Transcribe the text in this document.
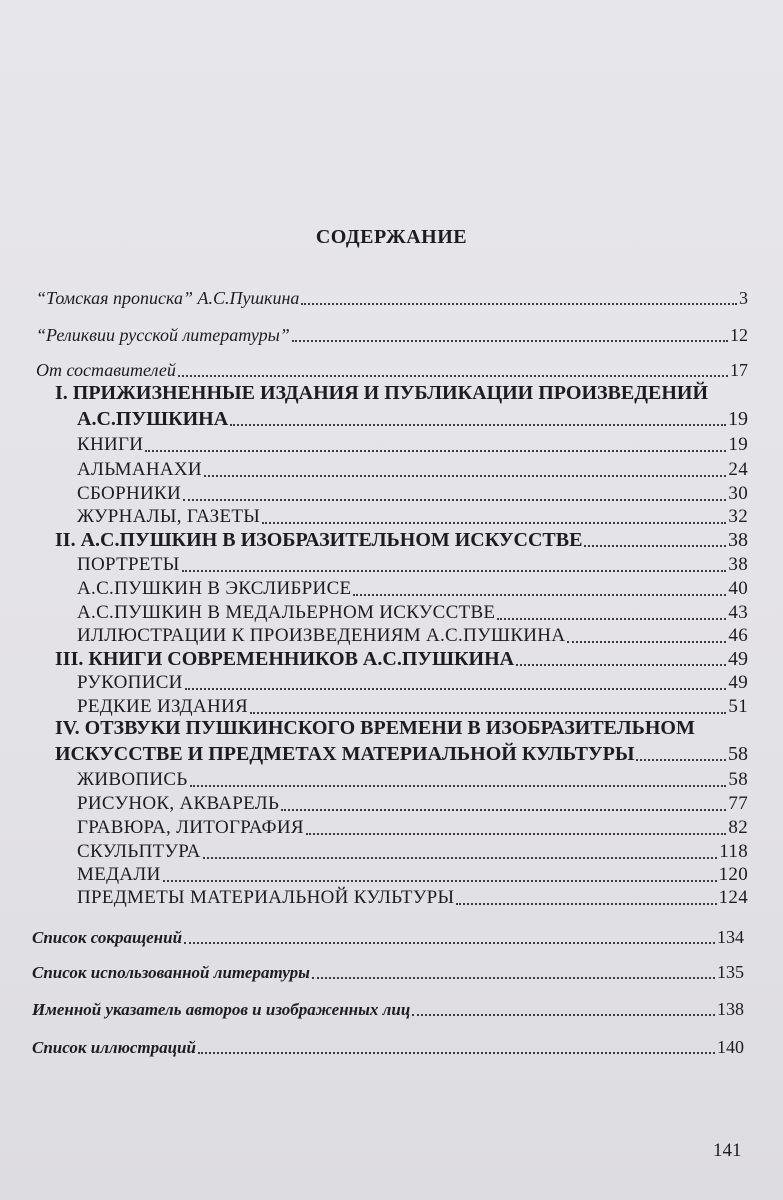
СОДЕРЖАНИЕ
“Томская прописка” А.С.Пушкина	3
“Реликвии русской литературы”	12
От составителей	17
I. ПРИЖИЗНЕННЫЕ ИЗДАНИЯ И ПУБЛИКАЦИИ ПРОИЗВЕДЕНИЙ
А.С.ПУШКИНА	19
КНИГИ	19
АЛЬМАНАХИ	24
СБОРНИКИ	30
ЖУРНАЛЫ, ГАЗЕТЫ	32
II. А.С.ПУШКИН В ИЗОБРАЗИТЕЛЬНОМ ИСКУССТВЕ	38
ПОРТРЕТЫ	38
А.С.ПУШКИН В ЭКСЛИБРИСЕ	40
А.С.ПУШКИН В МЕДАЛЬЕРНОМ ИСКУССТВЕ	43
ИЛЛЮСТРАЦИИ К ПРОИЗВЕДЕНИЯМ А.С.ПУШКИНА	46
III. КНИГИ СОВРЕМЕННИКОВ А.С.ПУШКИНА	49
РУКОПИСИ	49
РЕДКИЕ ИЗДАНИЯ	51
IV. ОТЗВУКИ ПУШКИНСКОГО ВРЕМЕНИ В ИЗОБРАЗИТЕЛЬНОМ
ИСКУССТВЕ И ПРЕДМЕТАХ МАТЕРИАЛЬНОЙ КУЛЬТУРЫ	58
ЖИВОПИСЬ	58
РИСУНОК, АКВАРЕЛЬ	77
ГРАВЮРА, ЛИТОГРАФИЯ	82
СКУЛЬПТУРА	118
МЕДАЛИ	120
ПРЕДМЕТЫ МАТЕРИАЛЬНОЙ КУЛЬТУРЫ	124
Список сокращений	134
Список использованной литературы	135
Именной указатель авторов и изображенных лиц	138
Список иллюстраций	140
141
